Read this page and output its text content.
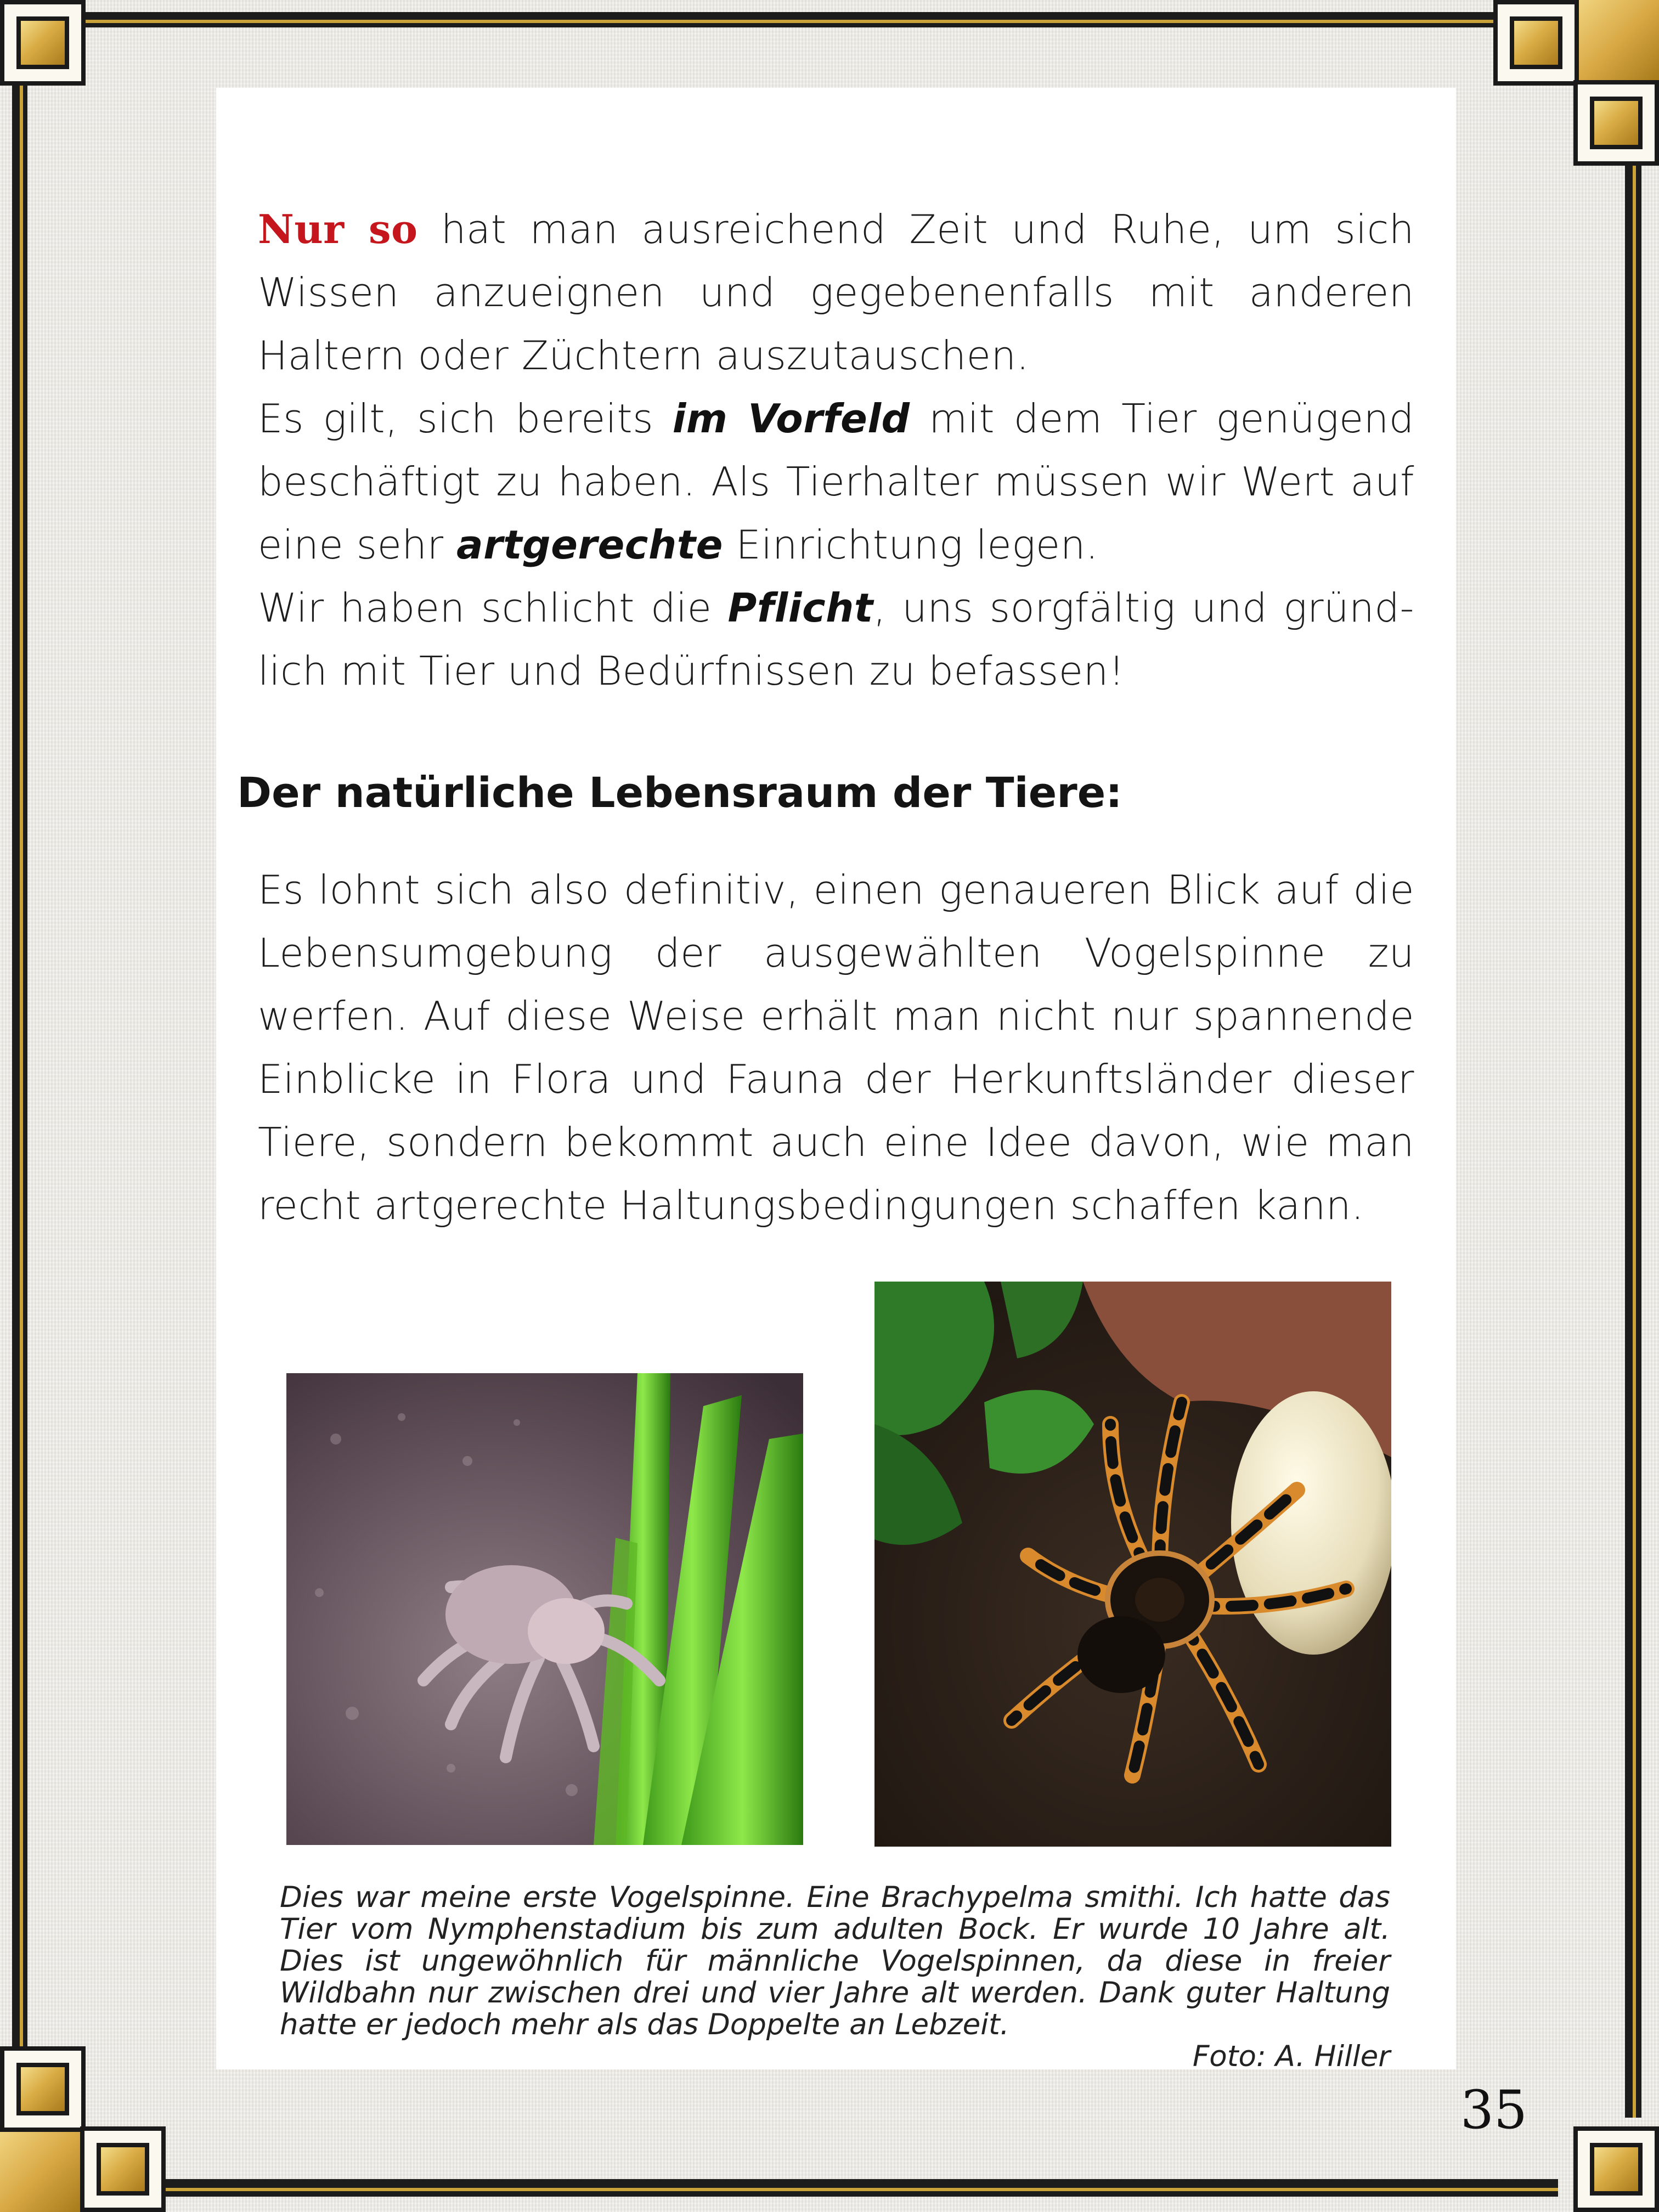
Nur so hat man ausreichend Zeit und Ruhe, um sich Wissen anzueignen und gegebenenfalls mit anderen Haltern oder Züchtern auszutauschen.
Es gilt, sich bereits im Vorfeld mit dem Tier genügend beschäftigt zu haben. Als Tierhalter müssen wir Wert auf eine sehr artgerechte Einrichtung legen.
Wir haben schlicht die Pflicht, uns sorgfältig und gründ-lich mit Tier und Bedürfnissen zu befassen!

Der natürliche Lebensraum der Tiere:

Es lohnt sich also definitiv, einen genaueren Blick auf die Lebensumgebung der ausgewählten Vogelspinne zu werfen. Auf diese Weise erhält man nicht nur spannende Einblicke in Flora und Fauna der Herkunftsländer dieser Tiere, sondern bekommt auch eine Idee davon, wie man recht artgerechte Haltungsbedingungen schaffen kann.

Dies war meine erste Vogelspinne. Eine Brachypelma smithi. Ich hatte das Tier vom Nymphenstadium bis zum adulten Bock. Er wurde 10 Jahre alt. Dies ist ungewöhnlich für männliche Vogelspinnen, da diese in freier Wildbahn nur zwischen drei und vier Jahre alt werden. Dank guter Haltung hatte er jedoch mehr als das Doppelte an Lebzeit.

Foto: A. Hiller
35
